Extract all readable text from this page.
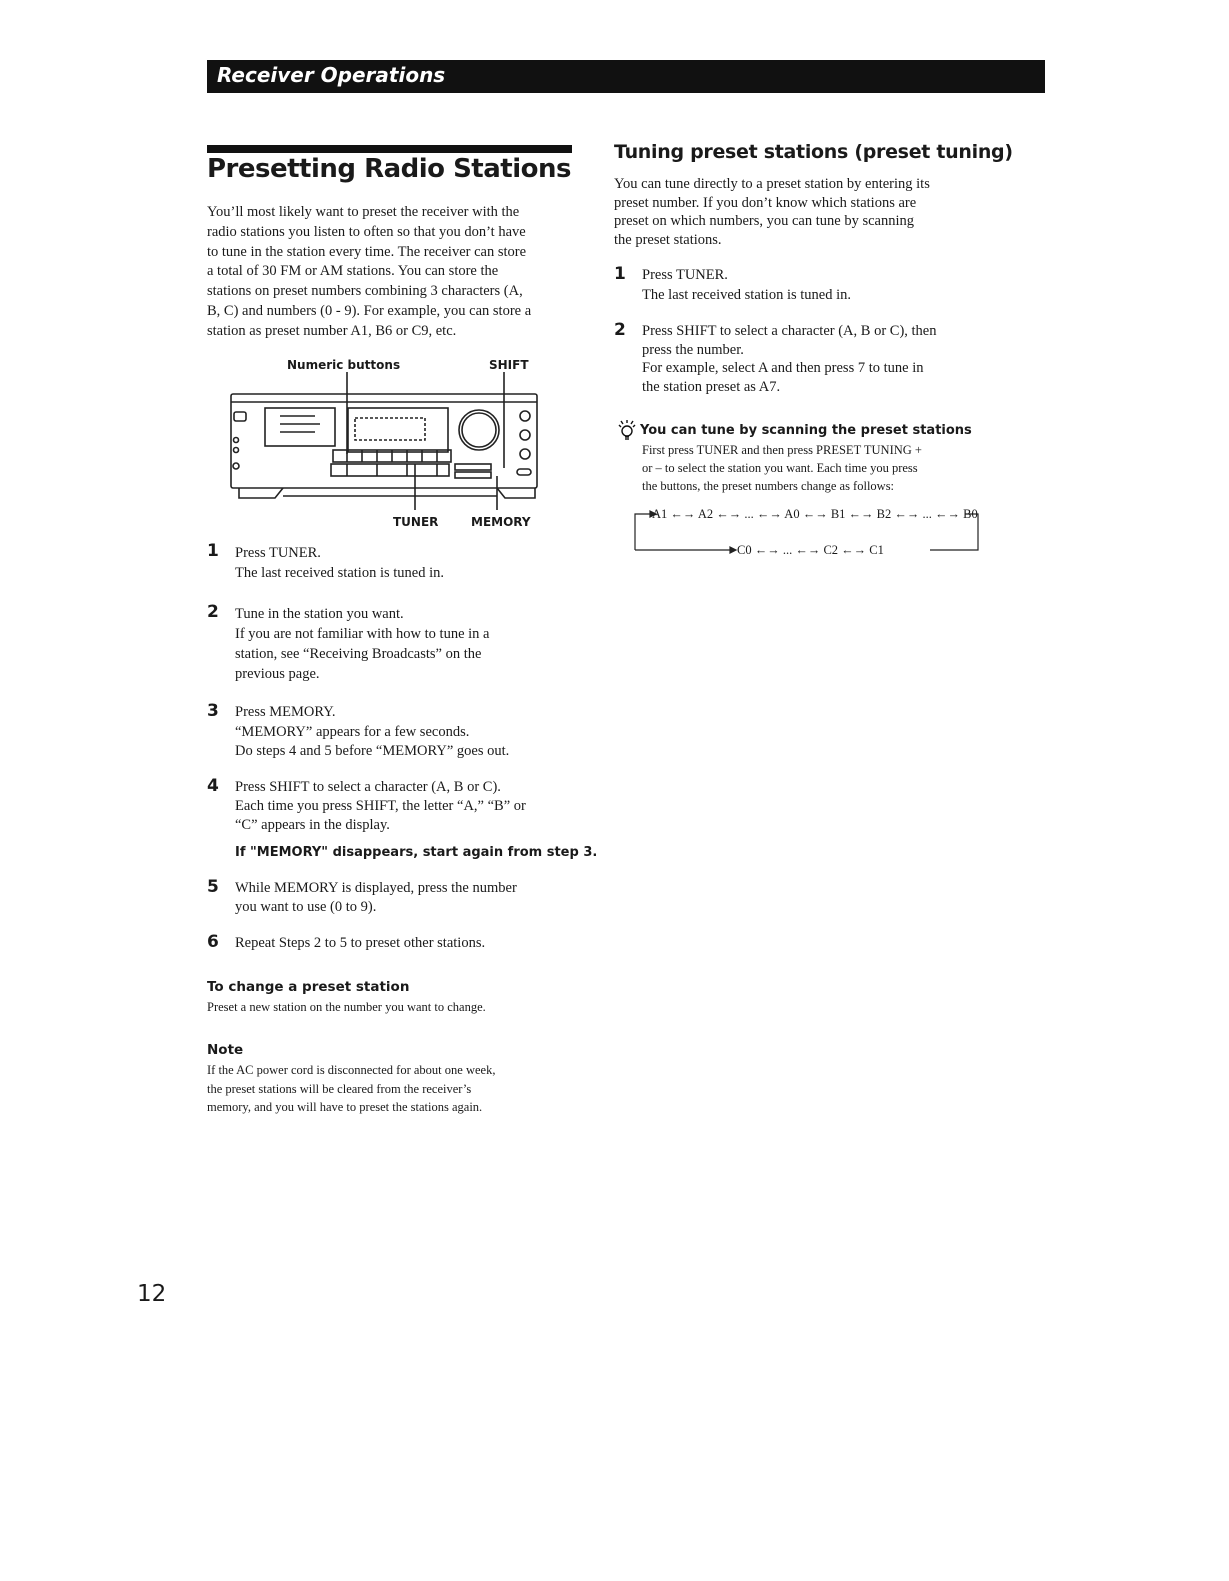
Receiver Operations
Presetting Radio Stations
You’ll most likely want to preset the receiver with the
radio stations you listen to often so that you don’t have
to tune in the station every time. The receiver can store
a total of 30 FM or AM stations. You can store the
stations on preset numbers combining 3 characters (A,
B, C) and numbers (0 - 9). For example, you can store a
station as preset number A1, B6 or C9, etc.
Numeric buttons	SHIFT
TUNER	MEMORY
1 Press TUNER.
The last received station is tuned in.
2 Tune in the station you want.
If you are not familiar with how to tune in a
station, see “Receiving Broadcasts” on the
previous page.
3 Press MEMORY.
“MEMORY” appears for a few seconds.
Do steps 4 and 5 before “MEMORY” goes out.
4 Press SHIFT to select a character (A, B or C).
Each time you press SHIFT, the letter “A,” “B” or
“C” appears in the display.
If "MEMORY" disappears, start again from step 3.
5 While MEMORY is displayed, press the number
you want to use (0 to 9).
6 Repeat Steps 2 to 5 to preset other stations.
To change a preset station
Preset a new station on the number you want to change.
Note
If the AC power cord is disconnected for about one week,
the preset stations will be cleared from the receiver’s
memory, and you will have to preset the stations again.
Tuning preset stations (preset tuning)
You can tune directly to a preset station by entering its
preset number. If you don’t know which stations are
preset on which numbers, you can tune by scanning
the preset stations.
1 Press TUNER.
The last received station is tuned in.
2 Press SHIFT to select a character (A, B or C), then
press the number.
For example, select A and then press 7 to tune in
the station preset as A7.
You can tune by scanning the preset stations
First press TUNER and then press PRESET TUNING +
or – to select the station you want. Each time you press
the buttons, the preset numbers change as follows:
A1 ←→ A2 ←→ ... ←→ A0 ←→ B1 ←→ B2 ←→ ... ←→ B0
C0 ←→ ... ←→ C2 ←→ C1
12
